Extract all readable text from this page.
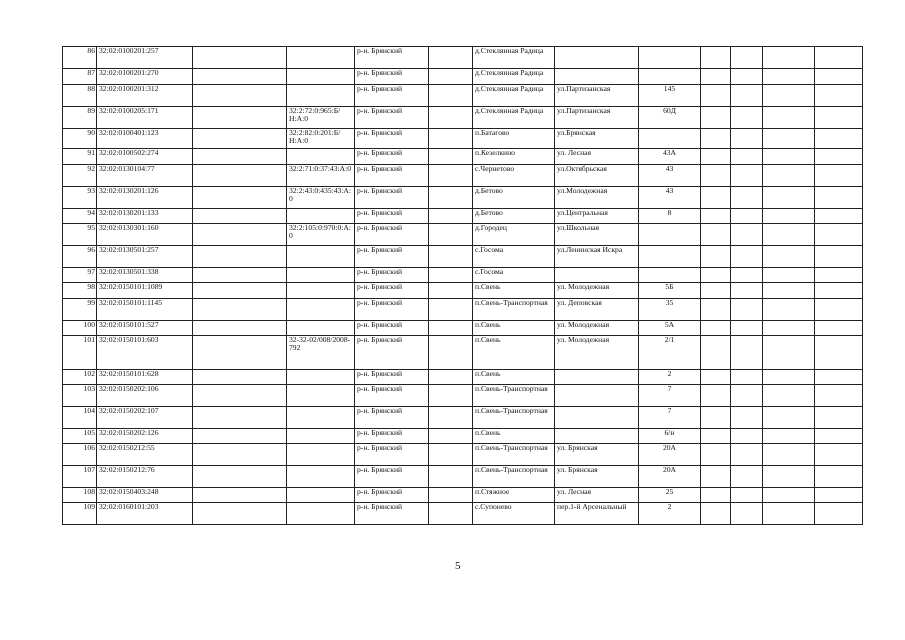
86	32:02:0100201:257			р-н. Брянский		д.Стеклянная Радица						
87	32:02:0100201:270			р-н. Брянский		д.Стеклянная Радица						
88	32:02:0100201:312			р-н. Брянский		д.Стеклянная Радица	ул.Партизанская	145				
89	32:02:0100205:171		32:2:72:0:965:Б/Н:А:0	р-н. Брянский		д.Стеклянная Радица	ул.Партизанская	60Д				
90	32:02:0100401:123		32:2:82:0:201:Б/Н:А:0	р-н. Брянский		п.Батагово	ул.Брянская					
91	32:02:0100502:274			р-н. Брянский		п.Кезелкино	ул. Лесная	43А				
92	32:02:0130104:77		32:2:71:0:37:43:А:0	р-н. Брянский		с.Чернетово	ул.Октябрьская	43				
93	32:02:0130201:126		32:2:43:0:435:43:А:0	р-н. Брянский		д.Бетово	ул.Молодежная	43				
94	32:02:0130201:133			р-н. Брянский		д.Бетово	ул.Центральная	8				
95	32:02:0130301:160		32:2:105:0:970:0:А:0	р-н. Брянский		д.Городец	ул.Школьная					
96	32:02:0130501:257			р-н. Брянский		с.Госома	ул.Ленинская Искра					
97	32:02:0130501:338			р-н. Брянский		с.Госома						
98	32:02:0150101:1089			р-н. Брянский		п.Свень	ул. Молодежная	5Б				
99	32:02:0150101:1145			р-н. Брянский		п.Свень-Транспортная	ул. Деповская	35				
100	32:02:0150101:527			р-н. Брянский		п.Свень	ул. Молодежная	5А				
101	32:02:0150101:603		32-32-02/008/2008-792	р-н. Брянский		п.Свень	ул. Молодежная	2/1				
102	32:02:0150101:628			р-н. Брянский		п.Свень		2				
103	32:02:0150202:106			р-н. Брянский		п.Свень-Транспортная		7				
104	32:02:0150202:107			р-н. Брянский		п.Свень-Транспортная		7				
105	32:02:0150202:126			р-н. Брянский		п.Свень		6/н				
106	32:02:0150212:55			р-н. Брянский		п.Свень-Транспортная	ул. Брянская	20А				
107	32:02:0150212:76			р-н. Брянский		п.Свень-Транспортная	ул. Брянская	20А				
108	32:02:0150403:248			р-н. Брянский		п.Стяжное	ул. Лесная	25				
109	32:02:0160101:203			р-н. Брянский		с.Супонево	пер.1-й Арсенальный	2				
5
